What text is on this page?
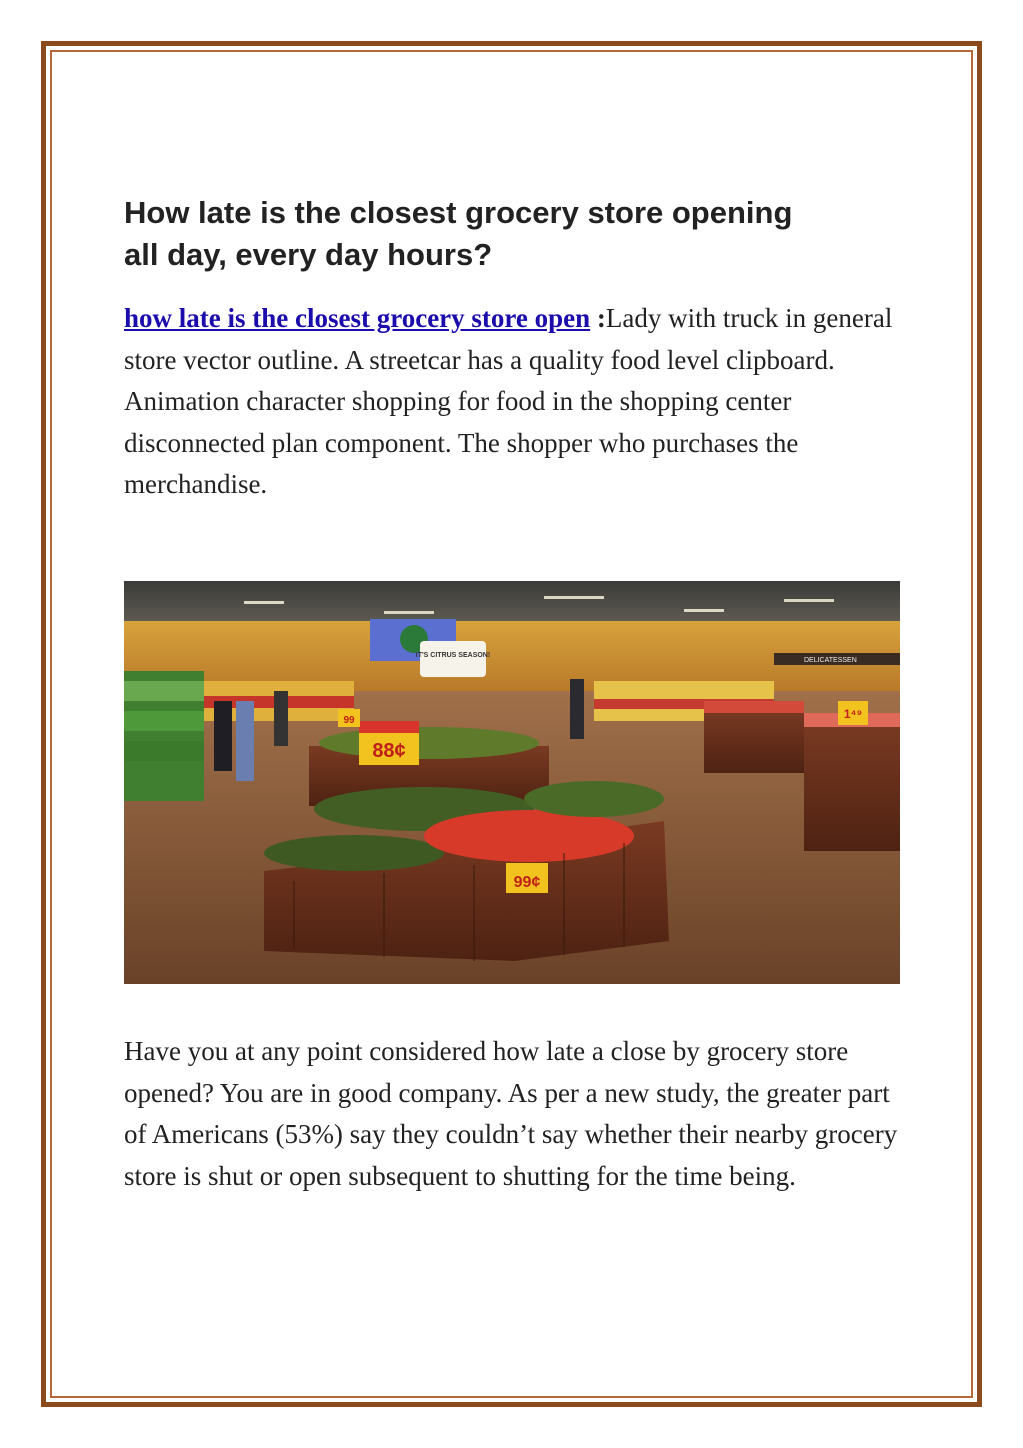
How late is the closest grocery store opening all day, every day hours?

how late is the closest grocery store open :Lady with truck in general store vector outline. A streetcar has a quality food level clipboard. Animation character shopping for food in the shopping center disconnected plan component. The shopper who purchases the merchandise.

IT'S CITRUS SEASON!
DELICATESSEN
1⁴⁹
88¢
99
99¢

Have you at any point considered how late a close by grocery store opened? You are in good company. As per a new study, the greater part of Americans (53%) say they couldn’t say whether their nearby grocery store is shut or open subsequent to shutting for the time being.
